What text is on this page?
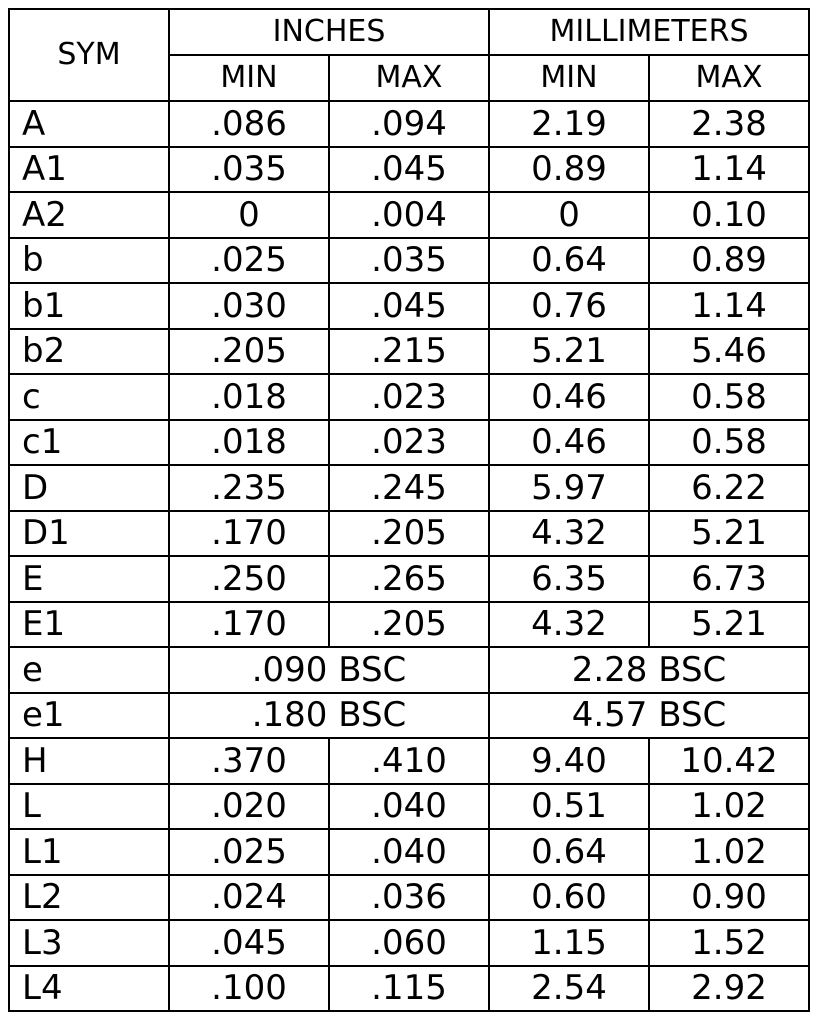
SYM	INCHES		MILLIMETERS	
	MIN	MAX	MIN	MAX
A	.086	.094	2.19	2.38
A1	.035	.045	0.89	1.14
A2	0	.004	0	0.10
b	.025	.035	0.64	0.89
b1	.030	.045	0.76	1.14
b2	.205	.215	5.21	5.46
c	.018	.023	0.46	0.58
c1	.018	.023	0.46	0.58
D	.235	.245	5.97	6.22
D1	.170	.205	4.32	5.21
E	.250	.265	6.35	6.73
E1	.170	.205	4.32	5.21
e	.090 BSC		2.28 BSC	
e1	.180 BSC		4.57 BSC	
H	.370	.410	9.40	10.42
L	.020	.040	0.51	1.02
L1	.025	.040	0.64	1.02
L2	.024	.036	0.60	0.90
L3	.045	.060	1.15	1.52
L4	.100	.115	2.54	2.92
